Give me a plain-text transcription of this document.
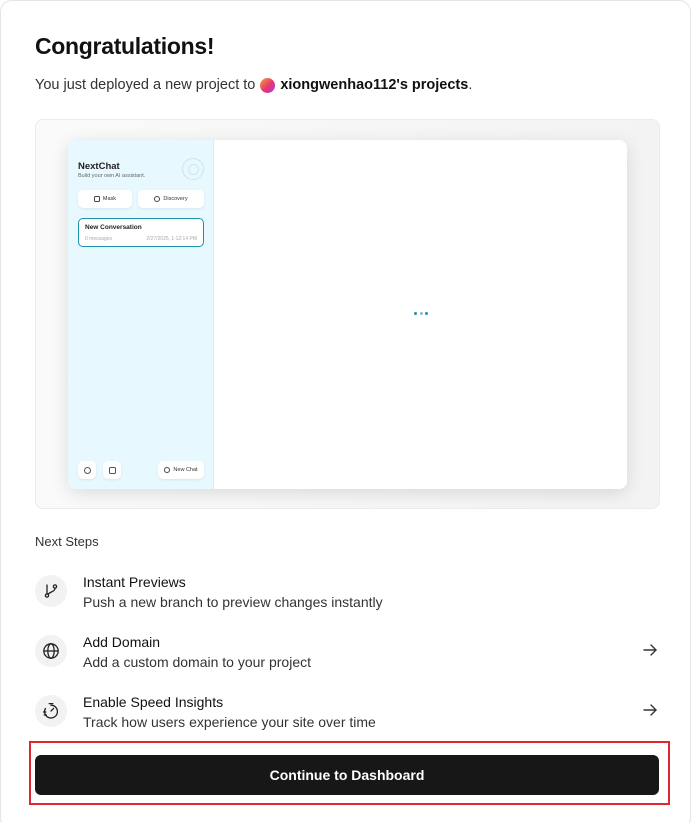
Congratulations!
You just deployed a new project to xiongwenhao112's projects .
NextChat
Build your own AI assistant.
Mask	Discovery
New Conversation
0 messages	2/27/2025, 1:12:14 PM
New Chat
Next Steps
Instant Previews
Push a new branch to preview changes instantly
Add Domain
Add a custom domain to your project
Enable Speed Insights
Track how users experience your site over time
Continue to Dashboard
